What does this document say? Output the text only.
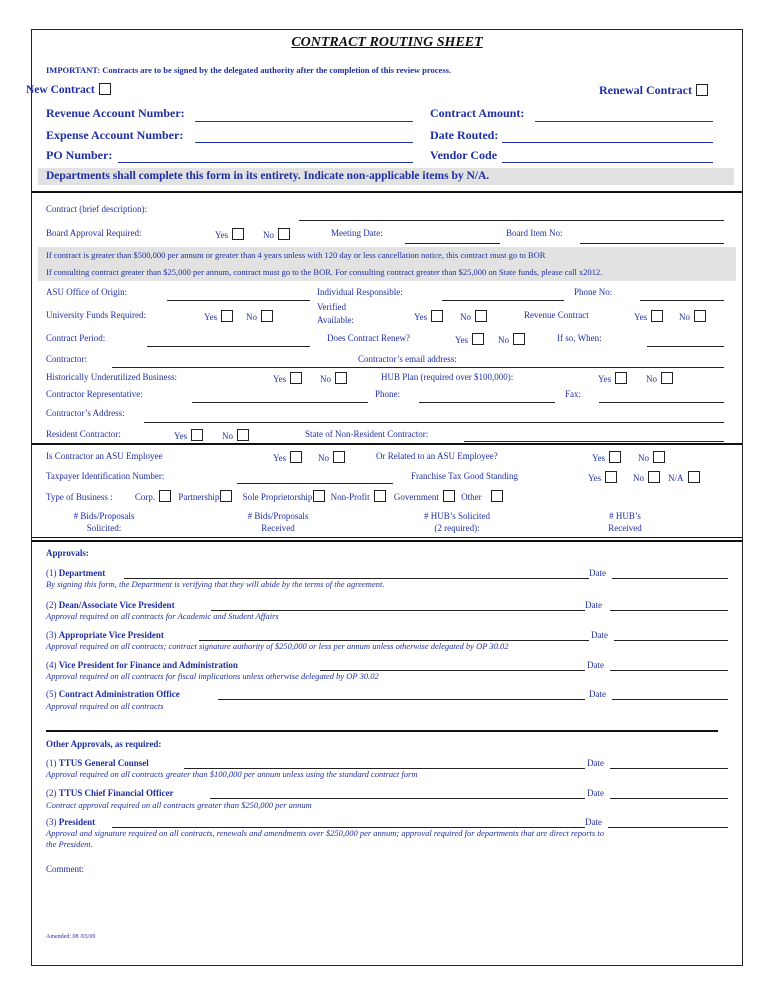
CONTRACT ROUTING SHEET
IMPORTANT: Contracts are to be signed by the delegated authority after the completion of this review process.
New Contract	Renewal Contract
Revenue Account Number:	Contract Amount:
Expense Account Number:	Date Routed:
PO Number:	Vendor Code
Departments shall complete this form in its entirety. Indicate non-applicable items by N/A.
Contract (brief description):
Board Approval Required:	Yes	No	Meeting Date:	Board Item No:
If contract is greater than $500,000 per annum or greater than 4 years unless with 120 day or less cancellation notice, this contract must go to BOR
If consulting contract greater than $25,000 per annum, contract must go to the BOR. For consulting contract greater than $25,000 on State funds, please call x2012.
ASU Office of Origin:	Individual Responsible:	Phone No:
University Funds Required:	Yes	No
Verified
Available:	Yes	No	Revenue Contract	Yes	No
Contract Period:	Does Contract Renew?	Yes	No	If so, When:
Contractor:	Contractor’s email address:
Historically Underutilized Business:	Yes	No	HUB Plan (required over $100,000):	Yes	No
Contractor Representative:	Phone:	Fax:
Contractor’s Address:
Resident Contractor:	Yes	No	State of Non-Resident Contractor:
Is Contractor an ASU Employee	Yes	No	Or Related to an ASU Employee?	Yes	No
Taxpayer Identification Number:	Franchise Tax Good Standing	Yes	No	N/A
Type of Business : Corp.	Partnership	Sole Proprietorship Non-Profit	Government Other
# Bids/Proposals
Solicited:
# Bids/Proposals
Received
# HUB’s Solicited
(2 required):
# HUB’s
Received
Approvals:
(1) Department	Date
By signing this form, the Department is verifying that they will abide by the terms of the agreement.
(2) Dean/Associate Vice President	Date
Approval required on all contracts for Academic and Student Affairs
(3) Appropriate Vice President	Date
Approval required on all contracts; contract signature authority of $250,000 or less per annum unless otherwise delegated by OP 30.02
(4) Vice President for Finance and Administration	Date
Approval required on all contracts for fiscal implications unless otherwise delegated by OP 30.02
(5) Contract Administration Office	Date
Approval required on all contracts
Other Approvals, as required:
(1) TTUS General Counsel	Date
Approval required on all contracts greater than $100,000 per annum unless using the standard contract form
(2) TTUS Chief Financial Officer	Date
Contract approval required on all contracts greater than $250,000 per annum
(3) President	Date
Approval and signature required on all contracts, renewals and amendments over $250,000 per annum; approval required for departments that are direct reports to
the President.
Comment:
Amended: 08 /03/09
